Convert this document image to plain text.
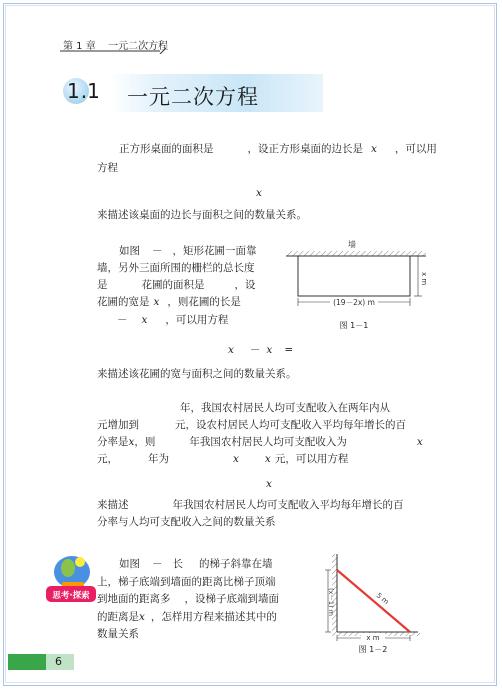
第 1 章 一元二次方程
1.1 一元二次方程
正方形桌面的面积是	，设正方形桌面的边长是 x ，可以用
方程
x
来描述该桌面的边长与面积之间的数量关系。
如图 － ，矩形花圃一面靠
墙，另外三面所围的栅栏的总长度
是	花圃的面积是	，设
花圃的宽是 x ，则花圃的长是
－ x ，可以用方程
墙
x m
(19－2x) m
图 1－1
x － x =
来描述该花圃的宽与面积之间的数量关系。
年，我国农村居民人均可支配收入在两年内从
元增加到	元，设农村居民人均可支配收入平均每年增长的百
分率是x，则	年我国农村居民人均可支配收入为	x
元，	年为	x x 元，可以用方程
x
来描述	年我国农村居民人均可支配收入平均每年增长的百
分率与人均可支配收入之间的数量关系
思考·探索
如图 － 长 的梯子斜靠在墙
上，梯子底端到墙面的距离比梯子顶端
到地面的距离多 ，设梯子底端到墙面
的距离是x ，怎样用方程来描述其中的
数量关系
5 m
(x－1) m
x m
图 1－2
6
